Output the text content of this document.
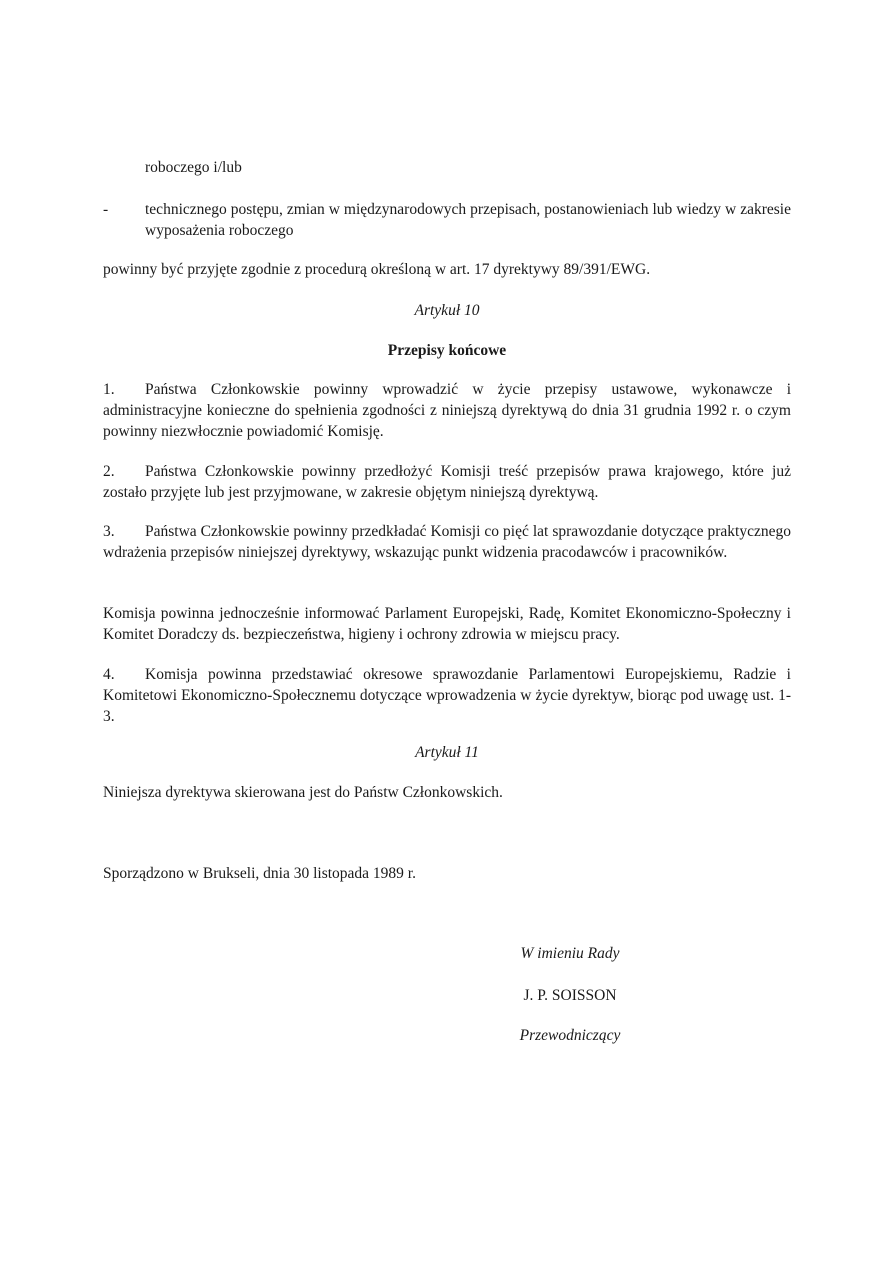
roboczego i/lub

- technicznego postępu, zmian w międzynarodowych przepisach, postanowieniach lub wiedzy w zakresie wyposażenia roboczego

powinny być przyjęte zgodnie z procedurą określoną w art. 17 dyrektywy 89/391/EWG.

Artykuł 10

Przepisy końcowe

1. Państwa Członkowskie powinny wprowadzić w życie przepisy ustawowe, wykonawcze i administracyjne konieczne do spełnienia zgodności z niniejszą dyrektywą do dnia 31 grudnia 1992 r. o czym powinny niezwłocznie powiadomić Komisję.

2. Państwa Członkowskie powinny przedłożyć Komisji treść przepisów prawa krajowego, które już zostało przyjęte lub jest przyjmowane, w zakresie objętym niniejszą dyrektywą.

3. Państwa Członkowskie powinny przedkładać Komisji co pięć lat sprawozdanie dotyczące praktycznego wdrażenia przepisów niniejszej dyrektywy, wskazując punkt widzenia pracodawców i pracowników.

Komisja powinna jednocześnie informować Parlament Europejski, Radę, Komitet Ekonomiczno-Społeczny i Komitet Doradczy ds. bezpieczeństwa, higieny i ochrony zdrowia w miejscu pracy.

4. Komisja powinna przedstawiać okresowe sprawozdanie Parlamentowi Europejskiemu, Radzie i Komitetowi Ekonomiczno-Społecznemu dotyczące wprowadzenia w życie dyrektyw, biorąc pod uwagę ust. 1-3.

Artykuł 11

Niniejsza dyrektywa skierowana jest do Państw Członkowskich.

Sporządzono w Brukseli, dnia 30 listopada 1989 r.

W imieniu Rady

J. P. SOISSON

Przewodniczący
